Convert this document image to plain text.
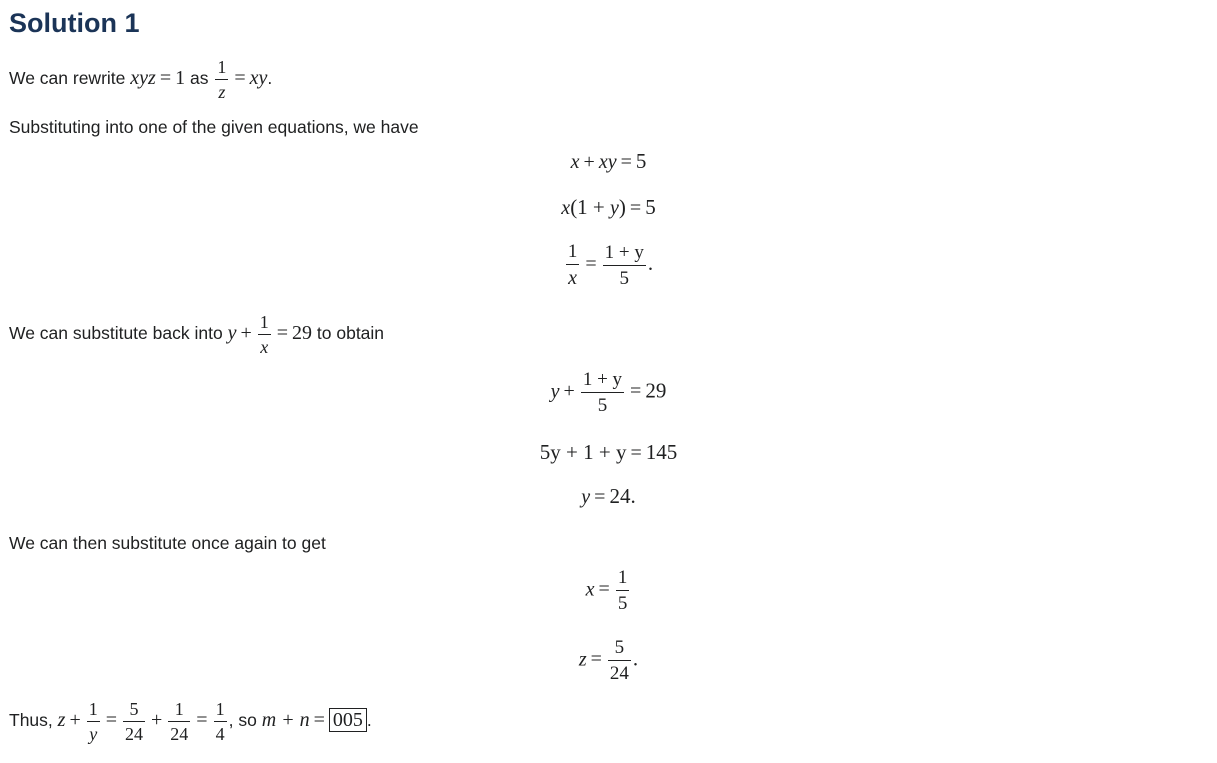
Solution 1
We can rewrite xyz = 1 as $\frac{1}{z}$ = xy.
Substituting into one of the given equations, we have
x + xy = 5
x(1 + y) = 5
$\frac{1}{x} = \frac{1 + y}{5}$ .
We can substitute back into $y + \frac{1}{x} = 29$ to obtain
$y + \frac{1 + y}{5} = 29$
5y + 1 + y = 145
y = 24.
We can then substitute once again to get
$x = \frac{1}{5}$
$z = \frac{5}{24}$ .
Thus, $z + \frac{1}{y} = \frac{5}{24} + \frac{1}{24} = \frac{1}{4}$ , so m + n = 005 .
